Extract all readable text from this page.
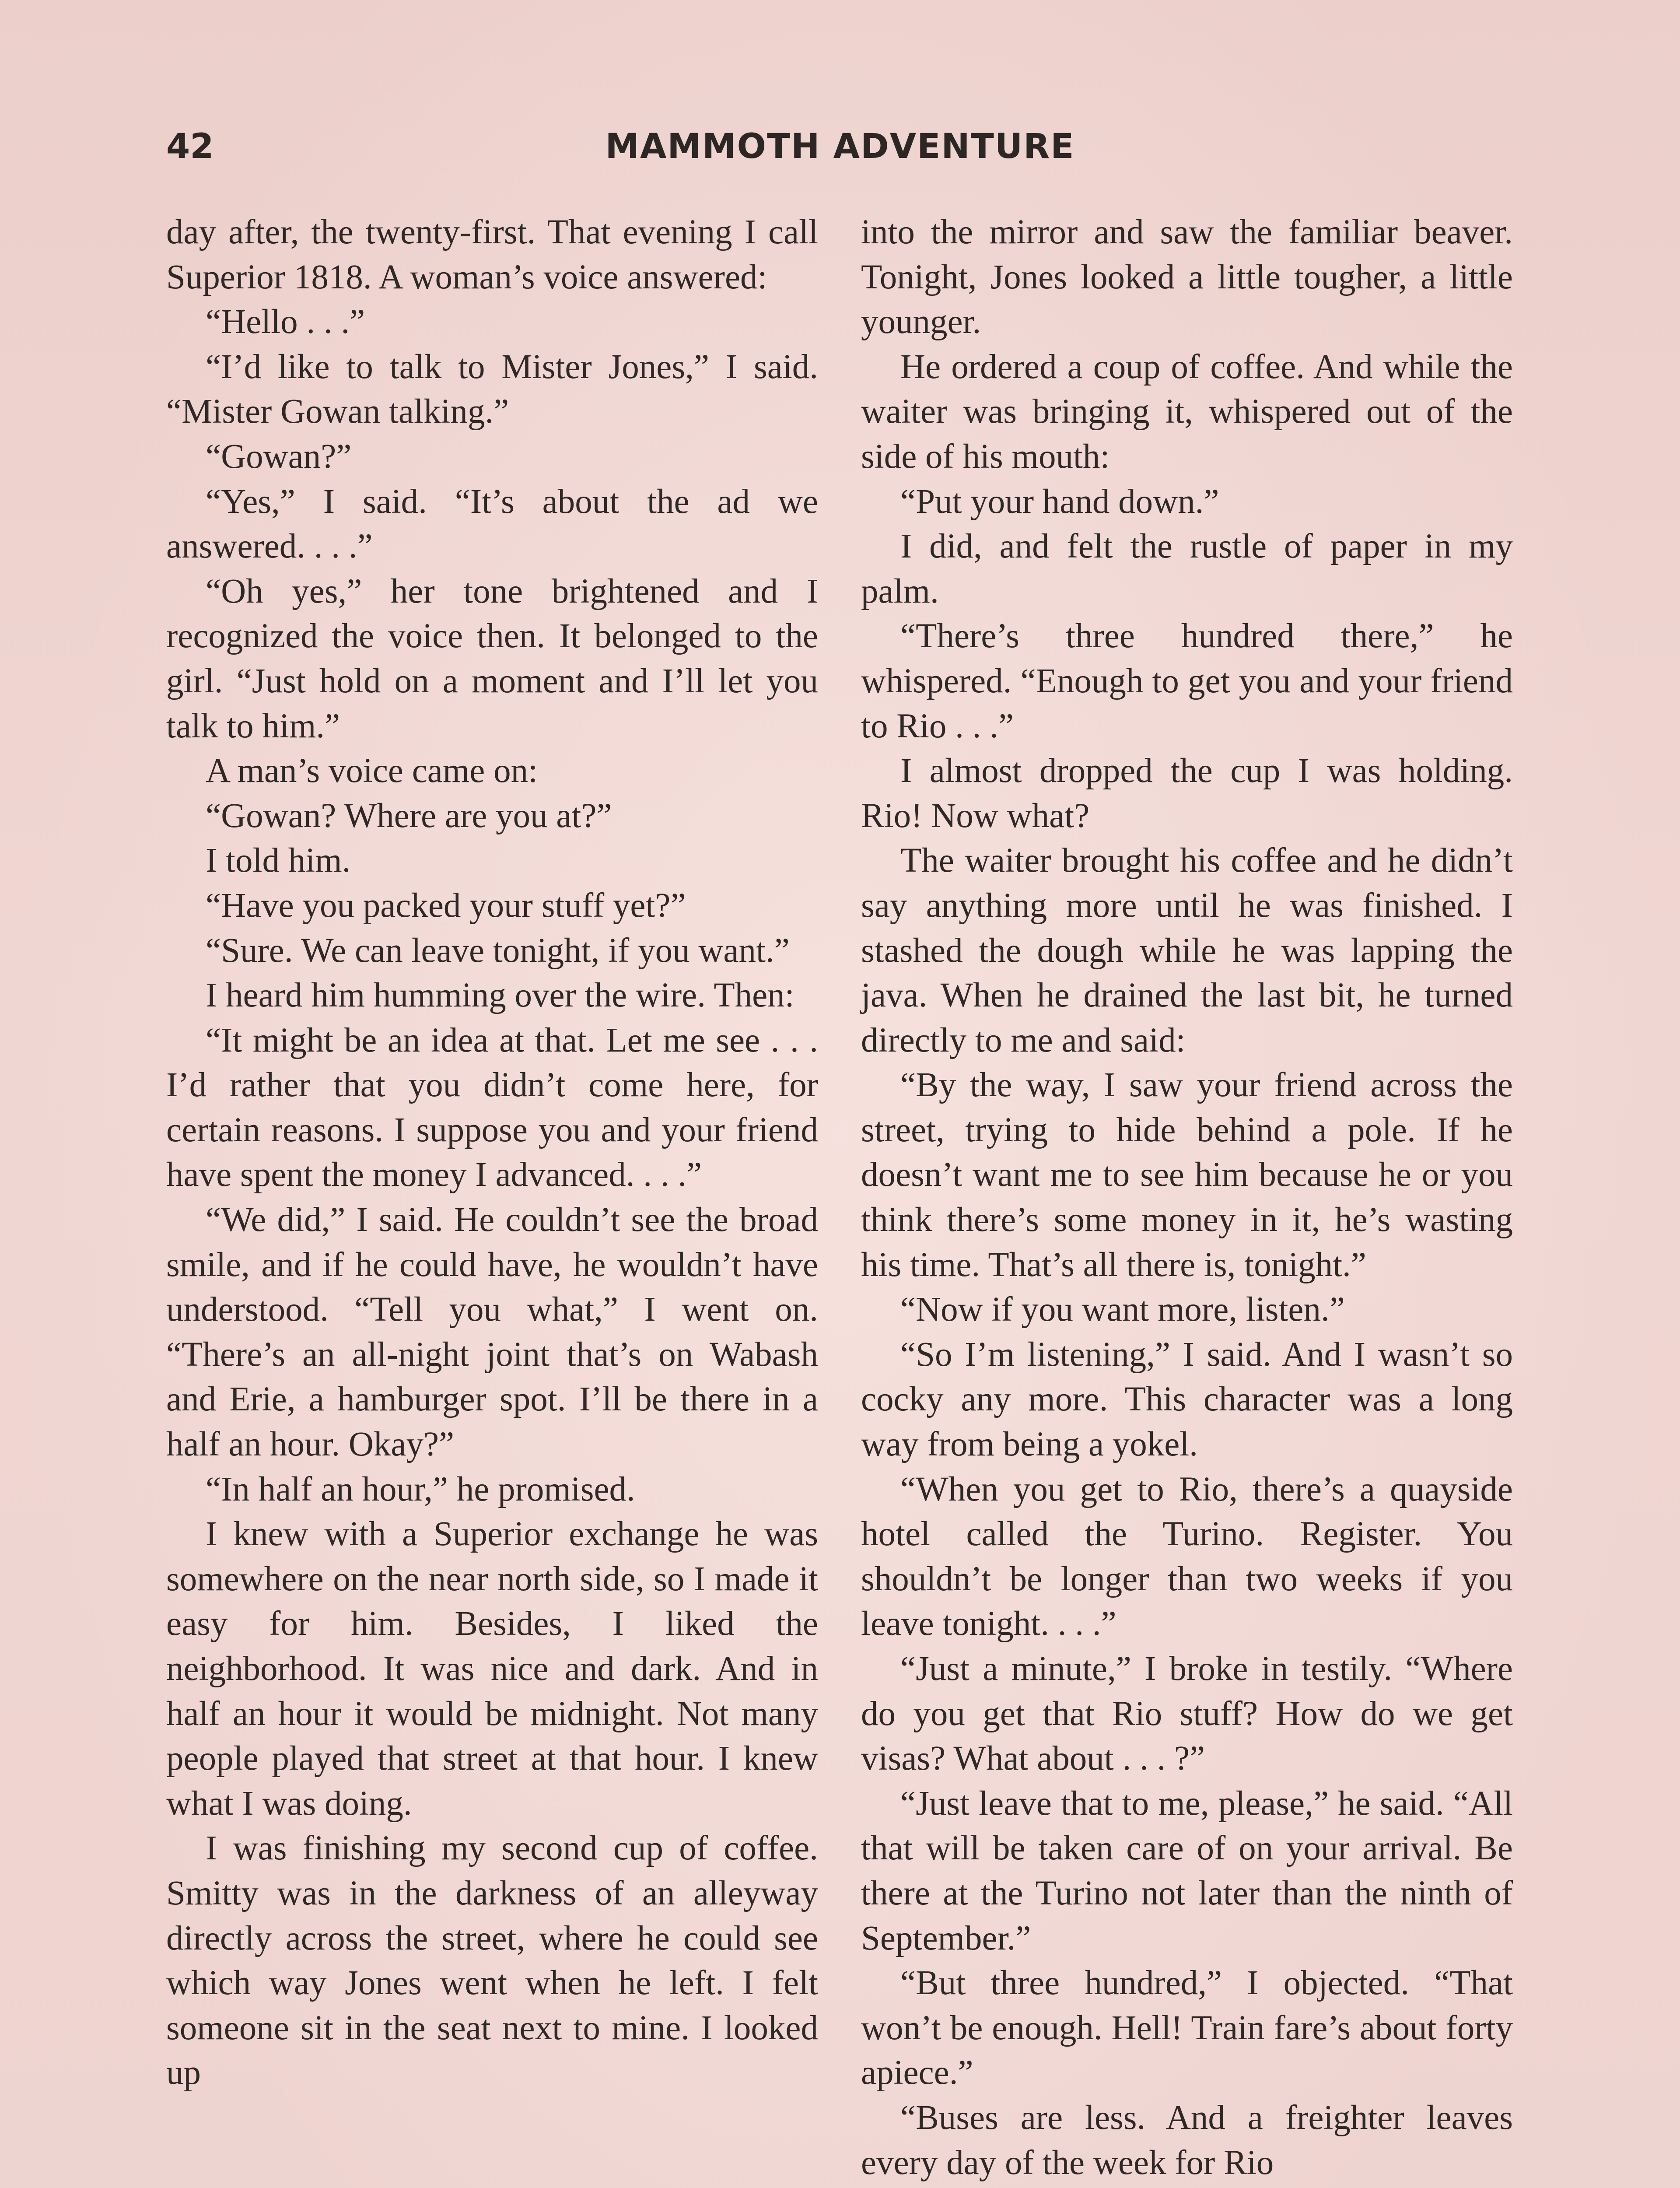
42	MAMMOTH ADVENTURE

day after, the twenty-first. That evening I call Superior 1818. A woman’s voice answered:

“Hello . . .”

“I’d like to talk to Mister Jones,” I said. “Mister Gowan talking.”

“Gowan?”

“Yes,” I said. “It’s about the ad we answered. . . .”

“Oh yes,” her tone brightened and I recognized the voice then. It belonged to the girl. “Just hold on a moment and I’ll let you talk to him.”

A man’s voice came on:

“Gowan? Where are you at?”

I told him.

“Have you packed your stuff yet?”

“Sure. We can leave tonight, if you want.”

I heard him humming over the wire. Then:

“It might be an idea at that. Let me see . . . I’d rather that you didn’t come here, for certain reasons. I suppose you and your friend have spent the money I advanced. . . .”

“We did,” I said. He couldn’t see the broad smile, and if he could have, he wouldn’t have understood. “Tell you what,” I went on. “There’s an all-night joint that’s on Wabash and Erie, a hamburger spot. I’ll be there in a half an hour. Okay?”

“In half an hour,” he promised.

I knew with a Superior exchange he was somewhere on the near north side, so I made it easy for him. Besides, I liked the neighborhood. It was nice and dark. And in half an hour it would be midnight. Not many people played that street at that hour. I knew what I was doing.

I was finishing my second cup of coffee. Smitty was in the darkness of an alleyway directly across the street, where he could see which way Jones went when he left. I felt someone sit in the seat next to mine. I looked up

into the mirror and saw the familiar beaver. Tonight, Jones looked a little tougher, a little younger.

He ordered a coup of coffee. And while the waiter was bringing it, whispered out of the side of his mouth:

“Put your hand down.”

I did, and felt the rustle of paper in my palm.

“There’s three hundred there,” he whispered. “Enough to get you and your friend to Rio . . .”

I almost dropped the cup I was holding. Rio! Now what?

The waiter brought his coffee and he didn’t say anything more until he was finished. I stashed the dough while he was lapping the java. When he drained the last bit, he turned directly to me and said:

“By the way, I saw your friend across the street, trying to hide behind a pole. If he doesn’t want me to see him because he or you think there’s some money in it, he’s wasting his time. That’s all there is, tonight.”

“Now if you want more, listen.”

“So I’m listening,” I said. And I wasn’t so cocky any more. This character was a long way from being a yokel.

“When you get to Rio, there’s a quayside hotel called the Turino. Register. You shouldn’t be longer than two weeks if you leave tonight. . . .”

“Just a minute,” I broke in testily. “Where do you get that Rio stuff? How do we get visas? What about . . . ?”

“Just leave that to me, please,” he said. “All that will be taken care of on your arrival. Be there at the Turino not later than the ninth of September.”

“But three hundred,” I objected. “That won’t be enough. Hell! Train fare’s about forty apiece.”

“Buses are less. And a freighter leaves every day of the week for Rio
